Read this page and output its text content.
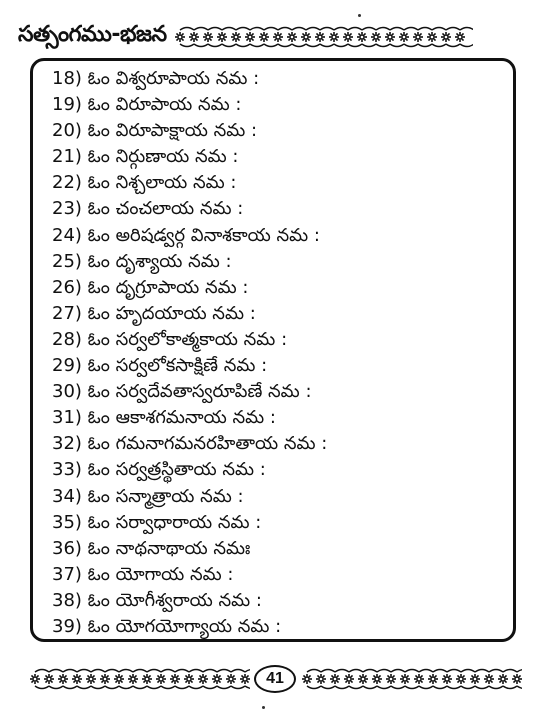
సత్సంగము-భజన
18) ఓం విశ్వరూపాయ నమ :
19) ఓం విరూపాయ నమ :
20) ఓం విరూపాక్షాయ నమ :
21) ఓం నిర్గుణాయ నమ :
22) ఓం నిశ్చలాయ నమ :
23) ఓం చంచలాయ నమ :
24) ఓం అరిషడ్వర్గ వినాశకాయ నమ :
25) ఓం దృశ్యాయ నమ :
26) ఓం దృగ్రూపాయ నమ :
27) ఓం హృదయాయ నమ :
28) ఓం సర్వలోకాత్మకాయ నమ :
29) ఓం సర్వలోకసాక్షిణే నమ :
30) ఓం సర్వదేవతాస్వరూపిణే నమ :
31) ఓం ఆకాశగమనాయ నమ :
32) ఓం గమనాగమనరహితాయ నమ :
33) ఓం సర్వత్రస్థితాయ నమ :
34) ఓం సన్మాత్రాయ నమ :
35) ఓం సర్వాధారాయ నమ :
36) ఓం నాథనాథాయ నమః
37) ఓం యోగాయ నమ :
38) ఓం యోగీశ్వరాయ నమ :
39) ఓం యోగయోగ్యాయ నమ :
41
